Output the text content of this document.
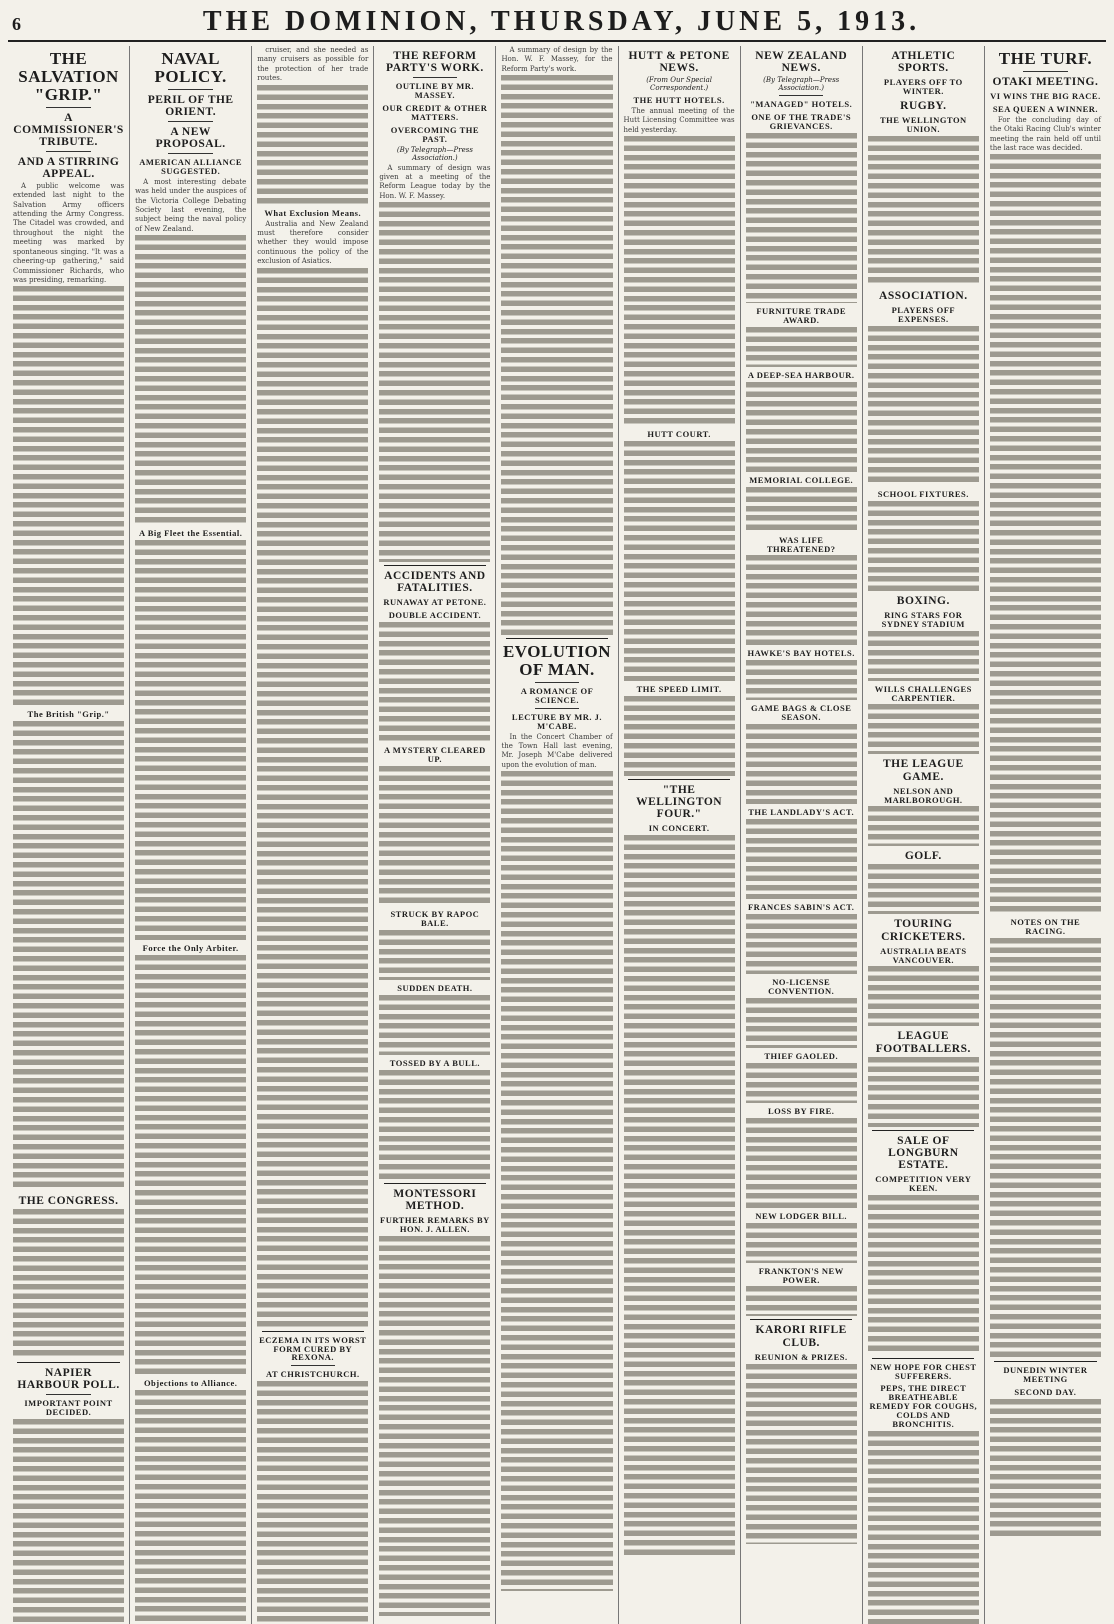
6	THE DOMINION, THURSDAY, JUNE 5, 1913.
THE SALVATION "GRIP."
A COMMISSIONER'S TRIBUTE.
AND A STIRRING APPEAL.

A public welcome was extended last night to the Salvation Army officers attending the Army Congress. The Citadel was crowded, and throughout the night the meeting was marked by spontaneous singing. "It was a cheering-up gathering," said Commissioner Richards, who was presiding, remarking.

The British "Grip."

THE CONGRESS.

NAPIER HARBOUR POLL.
IMPORTANT POINT DECIDED.

NAVAL POLICY.
PERIL OF THE ORIENT.
A NEW PROPOSAL.
AMERICAN ALLIANCE SUGGESTED.

A most interesting debate was held under the auspices of the Victoria College Debating Society last evening, the subject being the naval policy of New Zealand.

A Big Fleet the Essential.

Force the Only Arbiter.

Objections to Alliance.

cruiser, and she needed as many cruisers as possible for the protection of her trade routes.

What Exclusion Means.

Australia and New Zealand must therefore consider whether they would impose continuous the policy of the exclusion of Asiatics.

ECZEMA IN ITS WORST FORM CURED BY REXONA.
AT CHRISTCHURCH.

THE REFORM PARTY'S WORK.
OUTLINE BY MR. MASSEY.
OUR CREDIT & OTHER MATTERS.
OVERCOMING THE PAST.
(By Telegraph—Press Association.)

A summary of design was given at a meeting of the Reform League today by the Hon. W. F. Massey.

ACCIDENTS AND FATALITIES.
RUNAWAY AT PETONE.
DOUBLE ACCIDENT.

A MYSTERY CLEARED UP.

STRUCK BY RAPOC BALE.

SUDDEN DEATH.

TOSSED BY A BULL.

MONTESSORI METHOD.
FURTHER REMARKS BY HON. J. ALLEN.

A summary of design by the Hon. W. F. Massey, for the Reform Party's work.

EVOLUTION OF MAN.
A ROMANCE OF SCIENCE.
LECTURE BY MR. J. M'CABE.

In the Concert Chamber of the Town Hall last evening, Mr. Joseph M'Cabe delivered upon the evolution of man.

HUTT & PETONE NEWS.
(From Our Special Correspondent.)
THE HUTT HOTELS.

The annual meeting of the Hutt Licensing Committee was held yesterday.

HUTT COURT.

THE SPEED LIMIT.

"THE WELLINGTON FOUR."
IN CONCERT.

NEW ZEALAND NEWS.
(By Telegraph—Press Association.)
"MANAGED" HOTELS.
ONE OF THE TRADE'S GRIEVANCES.

FURNITURE TRADE AWARD.

A DEEP-SEA HARBOUR.

MEMORIAL COLLEGE.

WAS LIFE THREATENED?

HAWKE'S BAY HOTELS.

GAME BAGS & CLOSE SEASON.

THE LANDLADY'S ACT.

FRANCES SABIN'S ACT.

NO-LICENSE CONVENTION.

THIEF GAOLED.

LOSS BY FIRE.

NEW LODGER BILL.

FRANKTON'S NEW POWER.

KARORI RIFLE CLUB.
REUNION & PRIZES.

ATHLETIC SPORTS.
PLAYERS OFF TO WINTER.
RUGBY.
THE WELLINGTON UNION.

ASSOCIATION.
PLAYERS OFF EXPENSES.

SCHOOL FIXTURES.

BOXING.
RING STARS FOR SYDNEY STADIUM

WILLS CHALLENGES CARPENTIER.

THE LEAGUE GAME.
NELSON AND MARLBOROUGH.

GOLF.

TOURING CRICKETERS.
AUSTRALIA BEATS VANCOUVER.

LEAGUE FOOTBALLERS.

SALE OF LONGBURN ESTATE.
COMPETITION VERY KEEN.

NEW HOPE FOR CHEST SUFFERERS.
PEPS, THE DIRECT BREATHEABLE REMEDY FOR COUGHS, COLDS AND BRONCHITIS.

THE TURF.
OTAKI MEETING.
VI WINS THE BIG RACE.
SEA QUEEN A WINNER.

For the concluding day of the Otaki Racing Club's winter meeting the rain held off until the last race was decided.

NOTES ON THE RACING.

DUNEDIN WINTER MEETING
SECOND DAY.
